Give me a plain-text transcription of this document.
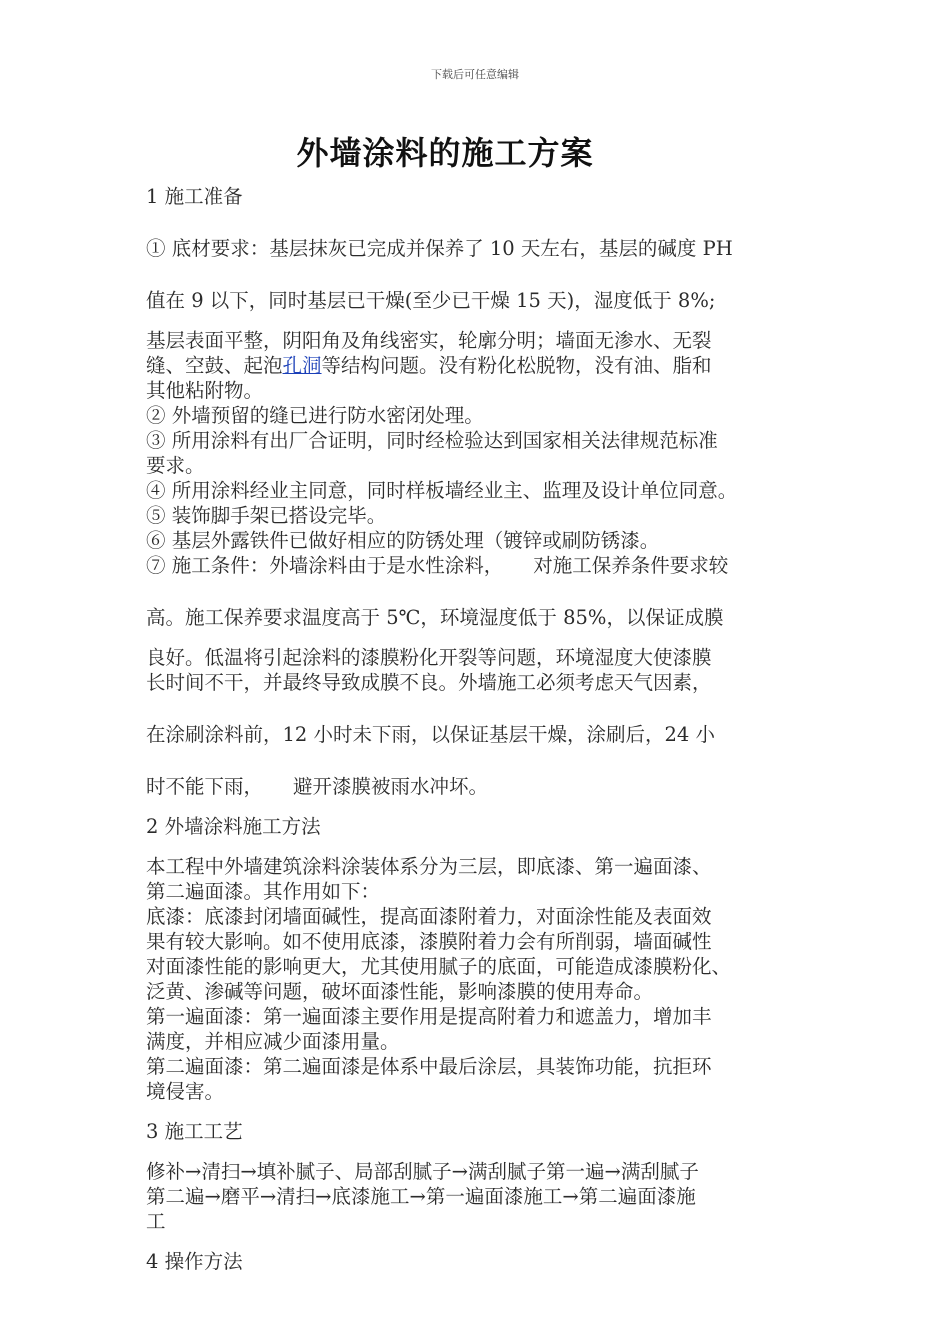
下载后可任意编辑
外墙涂料的施工方案

1 施工准备

① 底材要求：基层抹灰已完成并保养了 10 天左右，基层的碱度 PH

值在 9 以下，同时基层已干燥(至少已干燥 15 天)，湿度低于 8%;

基层表面平整，阴阳角及角线密实，轮廓分明；墙面无渗水、无裂

缝、空鼓、起泡孔洞等结构问题。没有粉化松脱物，没有油、脂和

其他粘附物。

② 外墙预留的缝已进行防水密闭处理。

③ 所用涂料有出厂合证明，同时经检验达到国家相关法律规范标准

要求。

④ 所用涂料经业主同意，同时样板墙经业主、监理及设计单位同意。

⑤ 装饰脚手架已搭设完毕。

⑥ 基层外露铁件已做好相应的防锈处理（镀锌或刷防锈漆。

⑦ 施工条件：外墙涂料由于是水性涂料， 对施工保养条件要求较

高。施工保养要求温度高于 5℃，环境湿度低于 85%，以保证成膜

良好。低温将引起涂料的漆膜粉化开裂等问题，环境湿度大使漆膜

长时间不干，并最终导致成膜不良。外墙施工必须考虑天气因素，

在涂刷涂料前，12 小时未下雨，以保证基层干燥，涂刷后，24 小

时不能下雨， 避开漆膜被雨水冲坏。

2 外墙涂料施工方法

本工程中外墙建筑涂料涂装体系分为三层，即底漆、第一遍面漆、

第二遍面漆。其作用如下：

底漆：底漆封闭墙面碱性，提高面漆附着力，对面涂性能及表面效

果有较大影响。如不使用底漆，漆膜附着力会有所削弱，墙面碱性

对面漆性能的影响更大，尤其使用腻子的底面，可能造成漆膜粉化、

泛黄、渗碱等问题，破坏面漆性能，影响漆膜的使用寿命。

第一遍面漆：第一遍面漆主要作用是提高附着力和遮盖力，增加丰

满度，并相应减少面漆用量。

第二遍面漆：第二遍面漆是体系中最后涂层，具装饰功能，抗拒环

境侵害。

3 施工工艺

修补→清扫→填补腻子、局部刮腻子→满刮腻子第一遍→满刮腻子

第二遍→磨平→清扫→底漆施工→第一遍面漆施工→第二遍面漆施

工

4 操作方法
